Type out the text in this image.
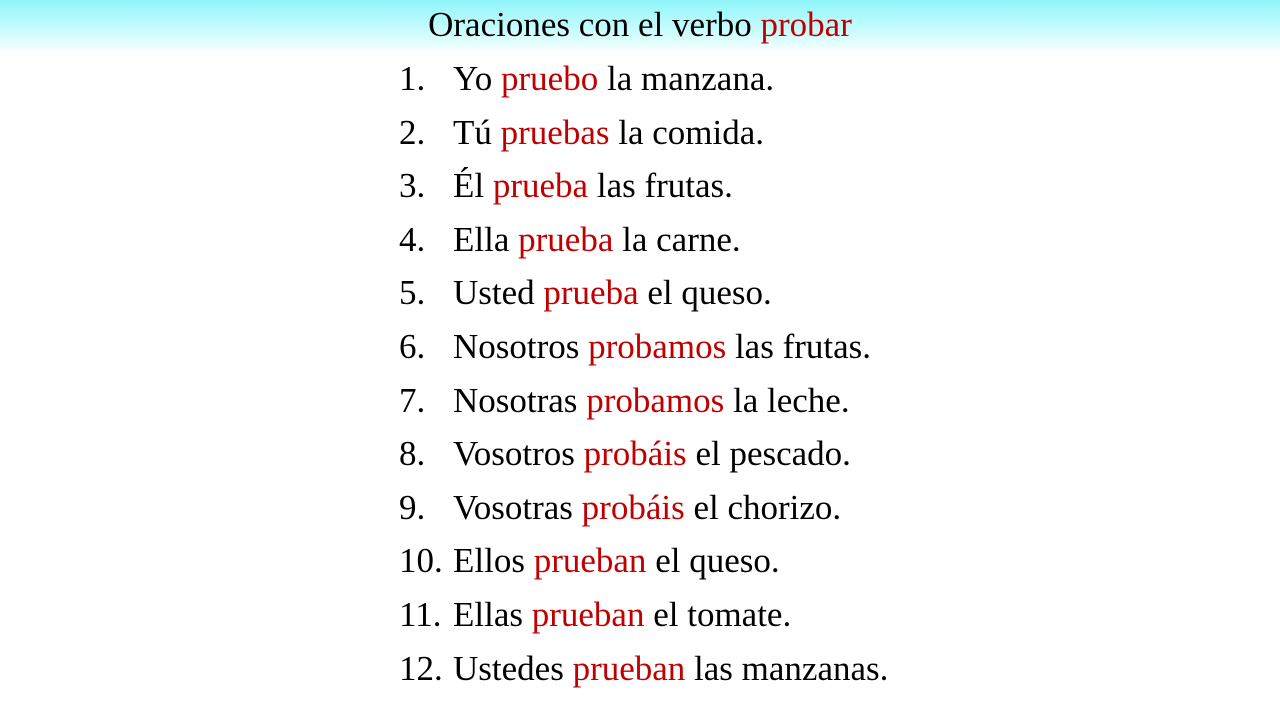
Oraciones con el verbo probar
1. Yo pruebo la manzana.
2. Tú pruebas la comida.
3. Él prueba las frutas.
4. Ella prueba la carne.
5. Usted prueba el queso.
6. Nosotros probamos las frutas.
7. Nosotras probamos la leche.
8. Vosotros probáis el pescado.
9. Vosotras probáis el chorizo.
10. Ellos prueban el queso.
11. Ellas prueban el tomate.
12. Ustedes prueban las manzanas.
